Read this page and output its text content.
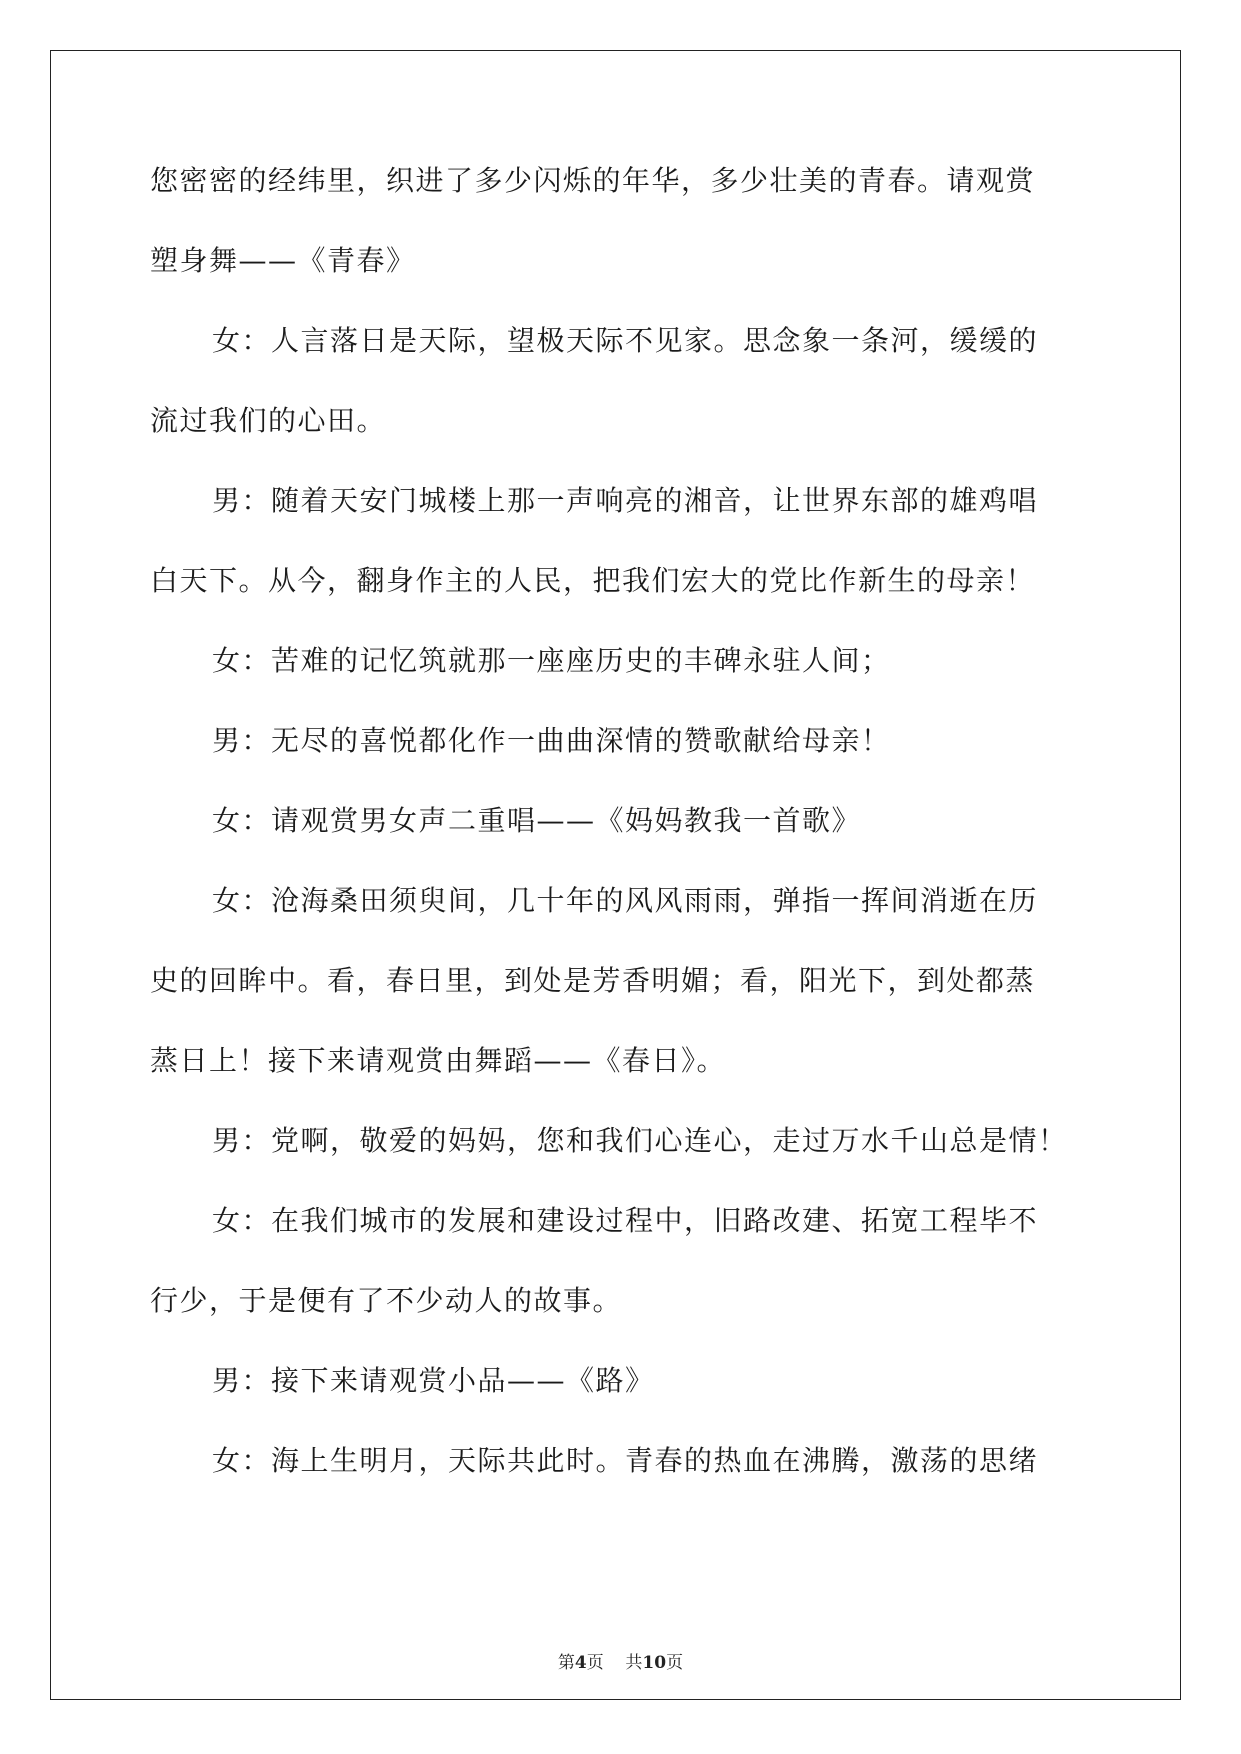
您密密的经纬里，织进了多少闪烁的年华，多少壮美的青春。请观赏
塑身舞——《青春》
女：人言落日是天际，望极天际不见家。思念象一条河，缓缓的
流过我们的心田。
男：随着天安门城楼上那一声响亮的湘音，让世界东部的雄鸡唱
白天下。从今，翻身作主的人民，把我们宏大的党比作新生的母亲！
女：苦难的记忆筑就那一座座历史的丰碑永驻人间；
男：无尽的喜悦都化作一曲曲深情的赞歌献给母亲！
女：请观赏男女声二重唱——《妈妈教我一首歌》
女：沧海桑田须臾间，几十年的风风雨雨，弹指一挥间消逝在历
史的回眸中。看，春日里，到处是芳香明媚；看，阳光下，到处都蒸
蒸日上！接下来请观赏由舞蹈——《春日》。
男：党啊，敬爱的妈妈，您和我们心连心，走过万水千山总是情！
女：在我们城市的发展和建设过程中，旧路改建、拓宽工程毕不
行少，于是便有了不少动人的故事。
男：接下来请观赏小品——《路》
女：海上生明月，天际共此时。青春的热血在沸腾，激荡的思绪
第4页 共10页
